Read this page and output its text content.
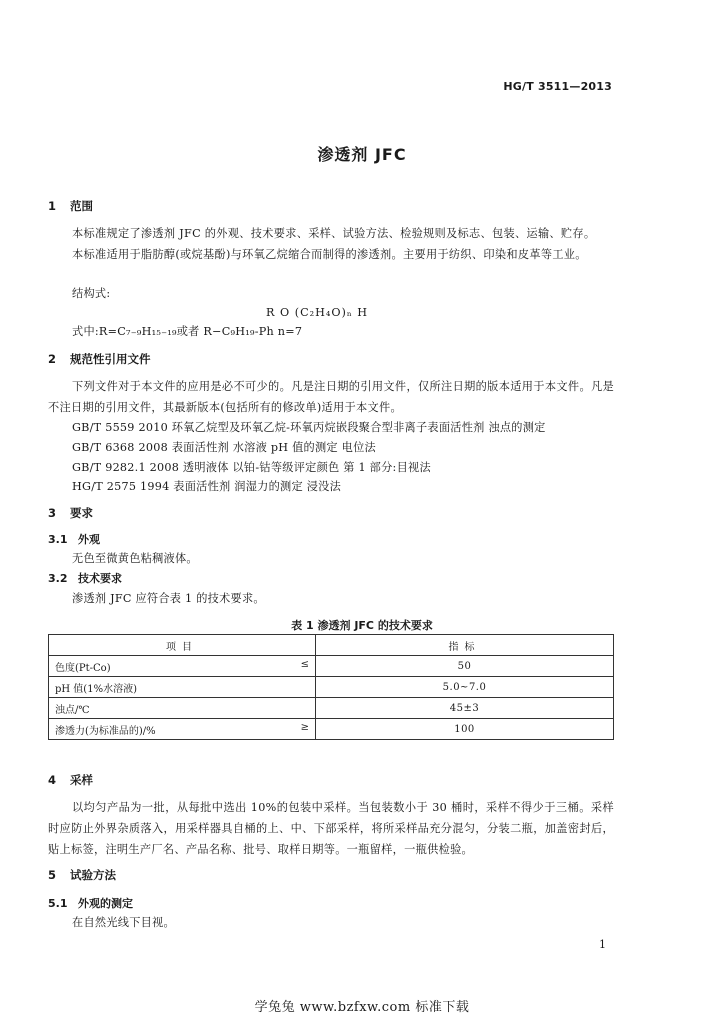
HG/T 3511—2013
渗透剂 JFC
1 范围
本标准规定了渗透剂 JFC 的外观、技术要求、采样、试验方法、检验规则及标志、包装、运输、贮存。
本标准适用于脂肪醇(或烷基酚)与环氧乙烷缩合而制得的渗透剂。主要用于纺织、印染和皮革等工业。
结构式:
R O (C₂H₄O)ₙ H
式中:R=C₇₋₉H₁₅₋₁₉或者 R−C₉H₁₉-Ph n=7
2 规范性引用文件
下列文件对于本文件的应用是必不可少的。凡是注日期的引用文件，仅所注日期的版本适用于本文件。凡是不注日期的引用文件，其最新版本(包括所有的修改单)适用于本文件。
GB/T 5559 2010 环氧乙烷型及环氧乙烷-环氧丙烷嵌段聚合型非离子表面活性剂 浊点的测定
GB/T 6368 2008 表面活性剂 水溶液 pH 值的测定 电位法
GB/T 9282.1 2008 透明液体 以铂-钴等级评定颜色 第 1 部分:目视法
HG/T 2575 1994 表面活性剂 润湿力的测定 浸没法
3 要求
3.1 外观
无色至微黄色粘稠液体。
3.2 技术要求
渗透剂 JFC 应符合表 1 的技术要求。
表 1 渗透剂 JFC 的技术要求
项目	指标
色度(Pt-Co) ≤	50
pH 值(1%水溶液)	5.0~7.0
浊点/℃	45±3
渗透力(为标准品的)/% ≥	100
4 采样
以均匀产品为一批，从每批中选出 10%的包装中采样。当包装数小于 30 桶时，采样不得少于三桶。采样时应防止外界杂质落入，用采样器具自桶的上、中、下部采样，将所采样品充分混匀，分装二瓶，加盖密封后，贴上标签，注明生产厂名、产品名称、批号、取样日期等。一瓶留样，一瓶供检验。
5 试验方法
5.1 外观的测定
在自然光线下目视。
1
学兔兔 www.bzfxw.com 标准下载
